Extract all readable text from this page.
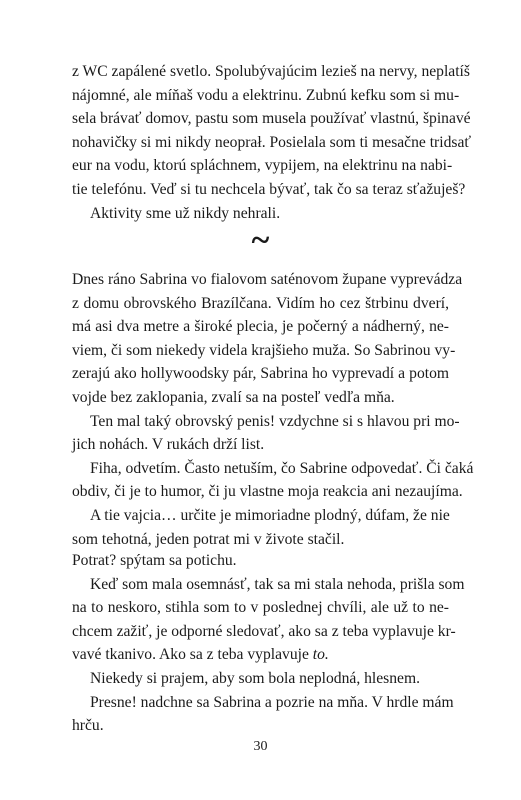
z WC zapálené svetlo. Spolubývajúcim lezieš na nervy, neplatíš
nájomné, ale míňaš vodu a elektrinu. Zubnú kefku som si mu-
sela brávať domov, pastu som musela používať vlastnú, špinavé
nohavičky si mi nikdy neoprał. Posielala som ti mesačne tridsať
eur na vodu, ktorú spláchnem, vypijem, na elektrinu na nabi-
tie telefónu. Veď si tu nechcela bývať, tak čo sa teraz sťažuješ?
Aktivity sme už nikdy nehrali.
~
Dnes ráno Sabrina vo fialovom saténovom župane vyprevádza
z domu obrovského Brazílčana. Vidím ho cez štrbinu dverí,
má asi dva metre a široké plecia, je počerný a nádherný, ne-
viem, či som niekedy videla krajšieho muža. So Sabrinou vy-
zerajú ako hollywoodsky pár, Sabrina ho vyprevadí a potom
vojde bez zaklopania, zvalí sa na posteľ vedľa mňa.
Ten mal taký obrovský penis! vzdychne si s hlavou pri mo-
jich nohách. V rukách drží list.
Fiha, odvetím. Často netuším, čo Sabrine odpovedať. Či čaká
obdiv, či je to humor, či ju vlastne moja reakcia ani nezaujíma.
A tie vajcia… určite je mimoriadne plodný, dúfam, že nie
som tehotná, jeden potrat mi v živote stačil.
Potrat? spýtam sa potichu.
Keď som mala osemnásť, tak sa mi stala nehoda, prišla som
na to neskoro, stihla som to v poslednej chvíli, ale už to ne-
chcem zažiť, je odporné sledovať, ako sa z teba vyplavuje kr-
vavé tkanivo. Ako sa z teba vyplavuje to.
Niekedy si prajem, aby som bola neplodná, hlesnem.
Presne! nadchne sa Sabrina a pozrie na mňa. V hrdle mám
hrču.
30
